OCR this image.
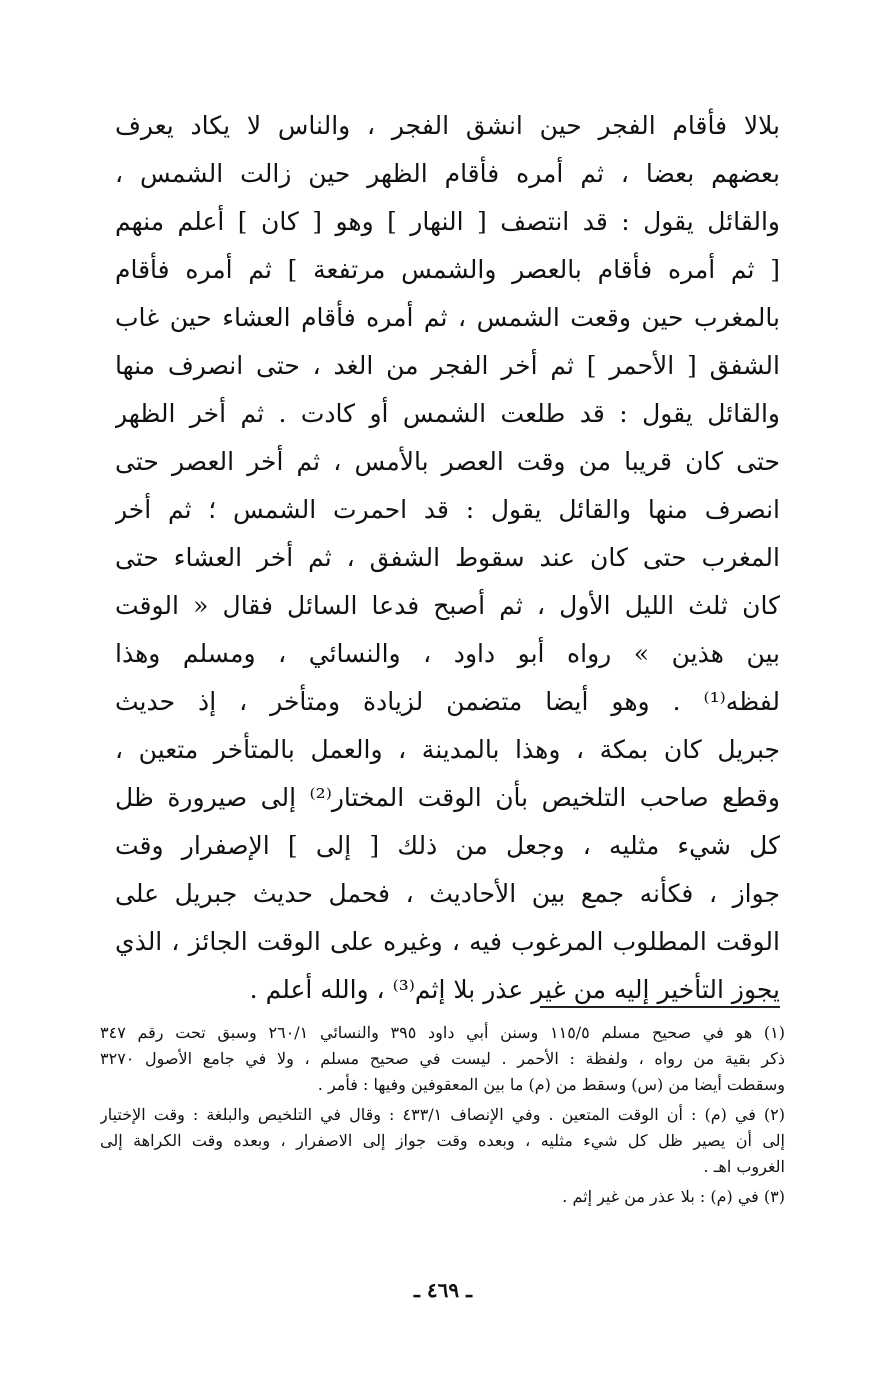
بلالا فأقام الفجر حين انشق الفجر ، والناس لا يكاد يعرف
بعضهم بعضا ، ثم أمره فأقام الظهر حين زالت الشمس ،
والقائل يقول : قد انتصف [ النهار ] وهو [ كان ] أعلم منهم
[ ثم أمره فأقام بالعصر والشمس مرتفعة ] ثم أمره فأقام
بالمغرب حين وقعت الشمس ، ثم أمره فأقام العشاء حين غاب
الشفق [ الأحمر ] ثم أخر الفجر من الغد ، حتى انصرف منها
والقائل يقول : قد طلعت الشمس أو كادت . ثم أخر الظهر
حتى كان قريبا من وقت العصر بالأمس ، ثم أخر العصر حتى
انصرف منها والقائل يقول : قد احمرت الشمس ؛ ثم أخر
المغرب حتى كان عند سقوط الشفق ، ثم أخر العشاء حتى
كان ثلث الليل الأول ، ثم أصبح فدعا السائل فقال « الوقت
بين هذين » رواه أبو داود ، والنسائي ، ومسلم وهذا
لفظه⁽¹⁾ . وهو أيضا متضمن لزيادة ومتأخر ، إذ حديث
جبريل كان بمكة ، وهذا بالمدينة ، والعمل بالمتأخر متعين ،
وقطع صاحب التلخيص بأن الوقت المختار⁽²⁾ إلى صيرورة ظل
كل شيء مثليه ، وجعل من ذلك [ إلى ] الإصفرار وقت
جواز ، فكأنه جمع بين الأحاديث ، فحمل حديث جبريل على
الوقت المطلوب المرغوب فيه ، وغيره على الوقت الجائز ، الذي
يجوز التأخير إليه من غير عذر بلا إثم⁽³⁾ ، والله أعلم .
(١) هو في صحيح مسلم ١١٥/٥ وسنن أبي داود ٣٩٥ والنسائي ٢٦٠/١ وسبق تحت رقم ٣٤٧
ذكر بقية من رواه ، ولفظة : الأحمر . ليست في صحيح مسلم ، ولا في جامع الأصول ٣٢٧٠
وسقطت أيضا من (س) وسقط من (م) ما بين المعقوفين وفيها : فأمر .
(٢) في (م) : أن الوقت المتعين . وفي الإنصاف ٤٣٣/١ : وقال في التلخيص والبلغة : وقت الإختيار
إلى أن يصير ظل كل شيء مثليه ، وبعده وقت جواز إلى الاصفرار ، وبعده وقت الكراهة إلى
الغروب اهـ .
(٣) في (م) : بلا عذر من غير إثم .
ـ ٤٦٩ ـ
